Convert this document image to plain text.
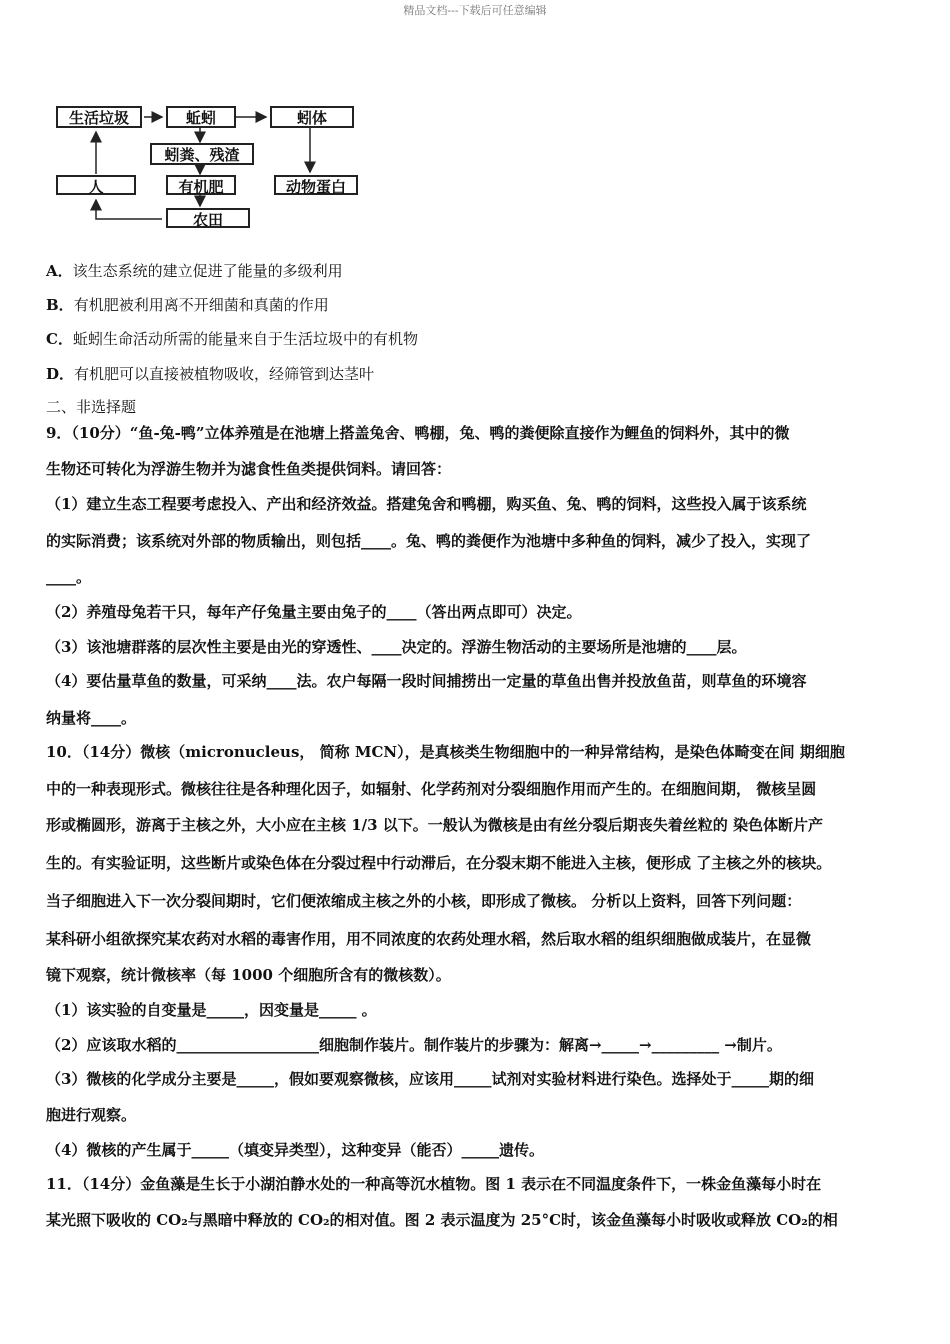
精品文档---下载后可任意编辑
生活垃圾	蚯蚓	蚓体
蚓粪、残渣
人	有机肥	动物蛋白
农田
A．该生态系统的建立促进了能量的多级利用
B．有机肥被利用离不开细菌和真菌的作用
C．蚯蚓生命活动所需的能量来自于生活垃圾中的有机物
D．有机肥可以直接被植物吸收，经筛管到达茎叶
二、非选择题
9．（10分）“鱼-兔-鸭”立体养殖是在池塘上搭盖兔舍、鸭棚，兔、鸭的粪便除直接作为鲤鱼的饲料外，其中的微
生物还可转化为浮游生物并为滤食性鱼类提供饲料。请回答：
（1）建立生态工程要考虑投入、产出和经济效益。搭建兔舍和鸭棚，购买鱼、兔、鸭的饲料，这些投入属于该系统
的实际消费；该系统对外部的物质输出，则包括____。兔、鸭的粪便作为池塘中多种鱼的饲料，减少了投入，实现了
____。
（2）养殖母兔若干只，每年产仔兔量主要由兔子的____（答出两点即可）决定。
（3）该池塘群落的层次性主要是由光的穿透性、____决定的。浮游生物活动的主要场所是池塘的____层。
（4）要估量草鱼的数量，可采纳____法。农户每隔一段时间捕捞出一定量的草鱼出售并投放鱼苗，则草鱼的环境容
纳量将____。
10．（14分）微核（micronucleus， 简称 MCN），是真核类生物细胞中的一种异常结构，是染色体畸变在间 期细胞
中的一种表现形式。微核往往是各种理化因子，如辐射、化学药剂对分裂细胞作用而产生的。在细胞间期， 微核呈圆
形或椭圆形，游离于主核之外，大小应在主核 1/3 以下。一般认为微核是由有丝分裂后期丧失着丝粒的 染色体断片产
生的。有实验证明，这些断片或染色体在分裂过程中行动滞后，在分裂末期不能进入主核，便形成 了主核之外的核块。
当子细胞进入下一次分裂间期时，它们便浓缩成主核之外的小核，即形成了微核。 分析以上资料，回答下列问题：
某科研小组欲探究某农药对水稻的毒害作用，用不同浓度的农药处理水稻，然后取水稻的组织细胞做成装片，在显微
镜下观察，统计微核率（每 1000 个细胞所含有的微核数）。
（1）该实验的自变量是_____，因变量是_____ 。
（2）应该取水稻的___________________细胞制作装片。制作装片的步骤为：解离→_____→_________ →制片。
（3）微核的化学成分主要是_____，假如要观察微核，应该用_____试剂对实验材料进行染色。选择处于_____期的细
胞进行观察。
（4）微核的产生属于_____（填变异类型），这种变异（能否）_____遗传。
11．（14分）金鱼藻是生长于小湖泊静水处的一种高等沉水植物。图 1 表示在不同温度条件下，一株金鱼藻每小时在
某光照下吸收的 CO₂与黑暗中释放的 CO₂的相对值。图 2 表示温度为 25°C时，该金鱼藻每小时吸收或释放 CO₂的相
